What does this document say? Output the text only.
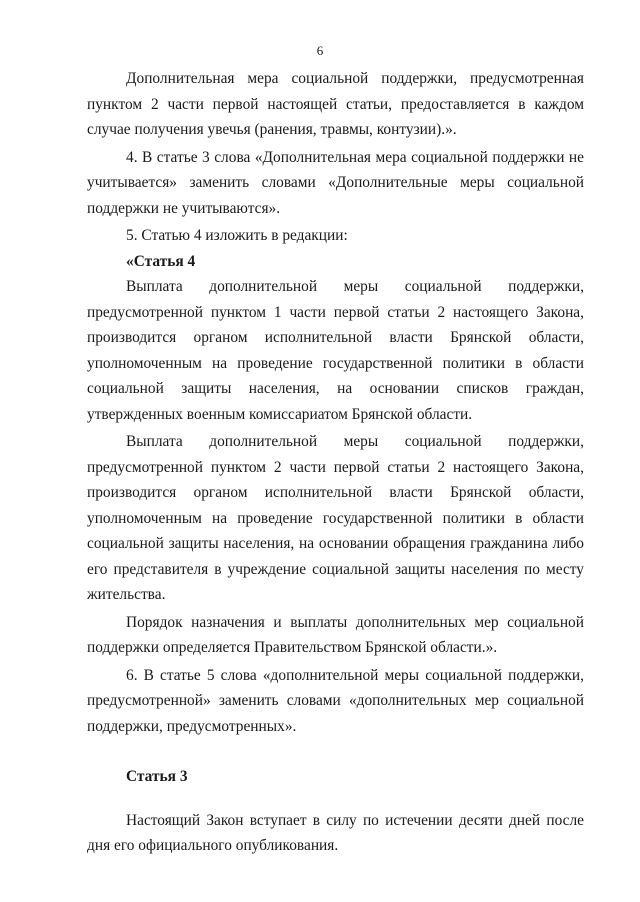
6

Дополнительная мера социальной поддержки, предусмотренная пунктом 2 части первой настоящей статьи, предоставляется в каждом случае получения увечья (ранения, травмы, контузии).».

4. В статье 3 слова «Дополнительная мера социальной поддержки не учитывается» заменить словами «Дополнительные меры социальной поддержки не учитываются».

5. Статью 4 изложить в редакции:

«Статья 4

Выплата дополнительной меры социальной поддержки, предусмотренной пунктом 1 части первой статьи 2 настоящего Закона, производится органом исполнительной власти Брянской области, уполномоченным на проведение государственной политики в области социальной защиты населения, на основании списков граждан, утвержденных военным комиссариатом Брянской области.

Выплата дополнительной меры социальной поддержки, предусмотренной пунктом 2 части первой статьи 2 настоящего Закона, производится органом исполнительной власти Брянской области, уполномоченным на проведение государственной политики в области социальной защиты населения, на основании обращения гражданина либо его представителя в учреждение социальной защиты населения по месту жительства.

Порядок назначения и выплаты дополнительных мер социальной поддержки определяется Правительством Брянской области.».

6. В статье 5 слова «дополнительной меры социальной поддержки, предусмотренной» заменить словами «дополнительных мер социальной поддержки, предусмотренных».

Статья 3

Настоящий Закон вступает в силу по истечении десяти дней после дня его официального опубликования.
